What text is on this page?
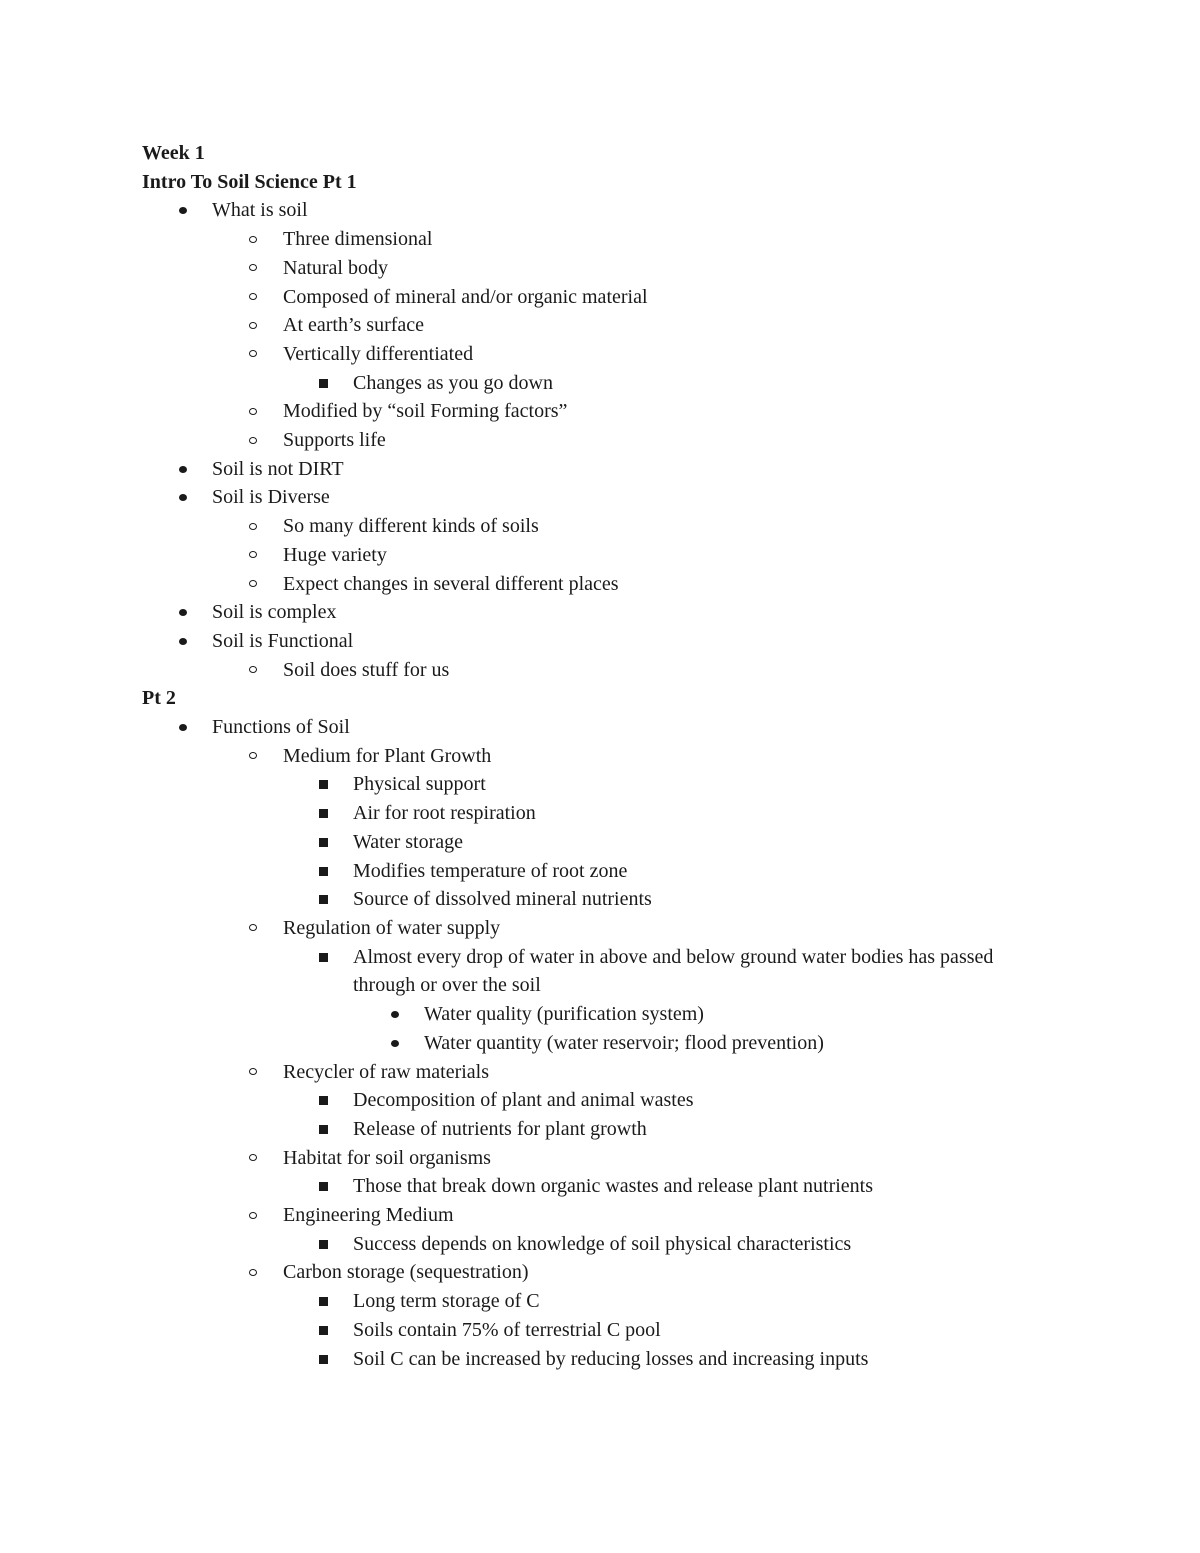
Week 1
Intro To Soil Science Pt 1
What is soil
Three dimensional
Natural body
Composed of mineral and/or organic material
At earth’s surface
Vertically differentiated
Changes as you go down
Modified by “soil Forming factors”
Supports life
Soil is not DIRT
Soil is Diverse
So many different kinds of soils
Huge variety
Expect changes in several different places
Soil is complex
Soil is Functional
Soil does stuff for us
Pt 2
Functions of Soil
Medium for Plant Growth
Physical support
Air for root respiration
Water storage
Modifies temperature of root zone
Source of dissolved mineral nutrients
Regulation of water supply
Almost every drop of water in above and below ground water bodies has passed through or over the soil
Water quality (purification system)
Water quantity (water reservoir; flood prevention)
Recycler of raw materials
Decomposition of plant and animal wastes
Release of nutrients for plant growth
Habitat for soil organisms
Those that break down organic wastes and release plant nutrients
Engineering Medium
Success depends on knowledge of soil physical characteristics
Carbon storage (sequestration)
Long term storage of C
Soils contain 75% of terrestrial C pool
Soil C can be increased by reducing losses and increasing inputs
